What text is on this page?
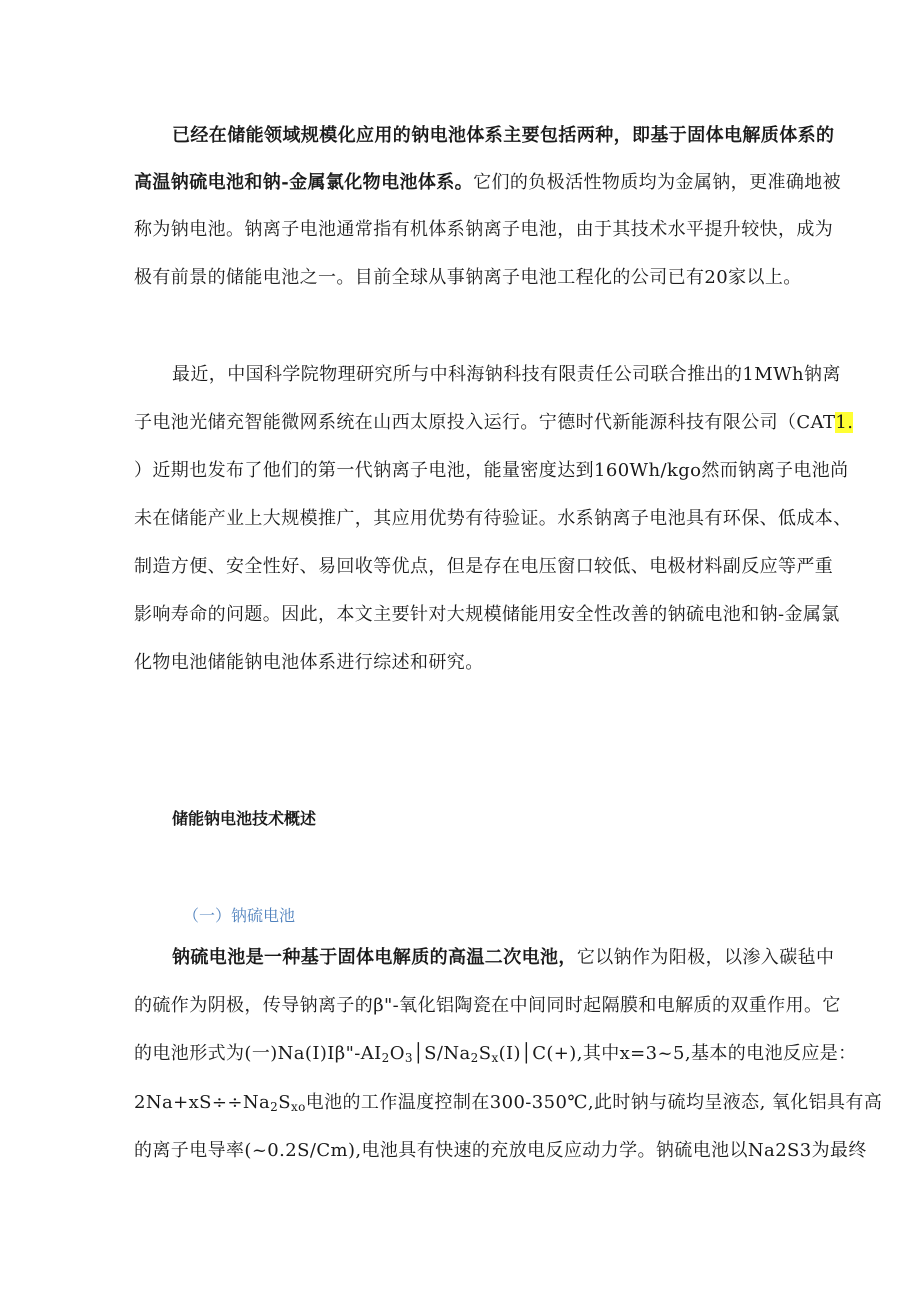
已经在储能领域规模化应用的钠电池体系主要包括两种，即基于固体电解质体系的
高温钠硫电池和钠-金属氯化物电池体系。它们的负极活性物质均为金属钠，更准确地被
称为钠电池。钠离子电池通常指有机体系钠离子电池，由于其技术水平提升较快，成为
极有前景的储能电池之一。目前全球从事钠离子电池工程化的公司已有20家以上。
最近，中国科学院物理研究所与中科海钠科技有限责任公司联合推出的1MWh钠离
子电池光储充智能微网系统在山西太原投入运行。宁德时代新能源科技有限公司（CAT1.
）近期也发布了他们的第一代钠离子电池，能量密度达到160Wh/kgo然而钠离子电池尚
未在储能产业上大规模推广，其应用优势有待验证。水系钠离子电池具有环保、低成本、
制造方便、安全性好、易回收等优点，但是存在电压窗口较低、电极材料副反应等严重
影响寿命的问题。因此，本文主要针对大规模储能用安全性改善的钠硫电池和钠-金属氯
化物电池储能钠电池体系进行综述和研究。
储能钠电池技术概述
（一）钠硫电池
钠硫电池是一种基于固体电解质的高温二次电池，它以钠作为阳极，以渗入碳毡中
的硫作为阴极，传导钠离子的β"-氧化铝陶瓷在中间同时起隔膜和电解质的双重作用。它
的电池形式为(一)$Na(I)I\beta"-AI_2O_3│S∕Na_2S_x(I)│C(+)$,其中x=3~5,基本的电池反应是：
$2Na+xS\div\div Na_2S_{xo}$电池的工作温度控制在300-350℃,此时钠与硫均呈液态, 氧化铝具有高
的离子电导率(~0.2S/Cm),电池具有快速的充放电反应动力学。钠硫电池以Na2S3为最终
